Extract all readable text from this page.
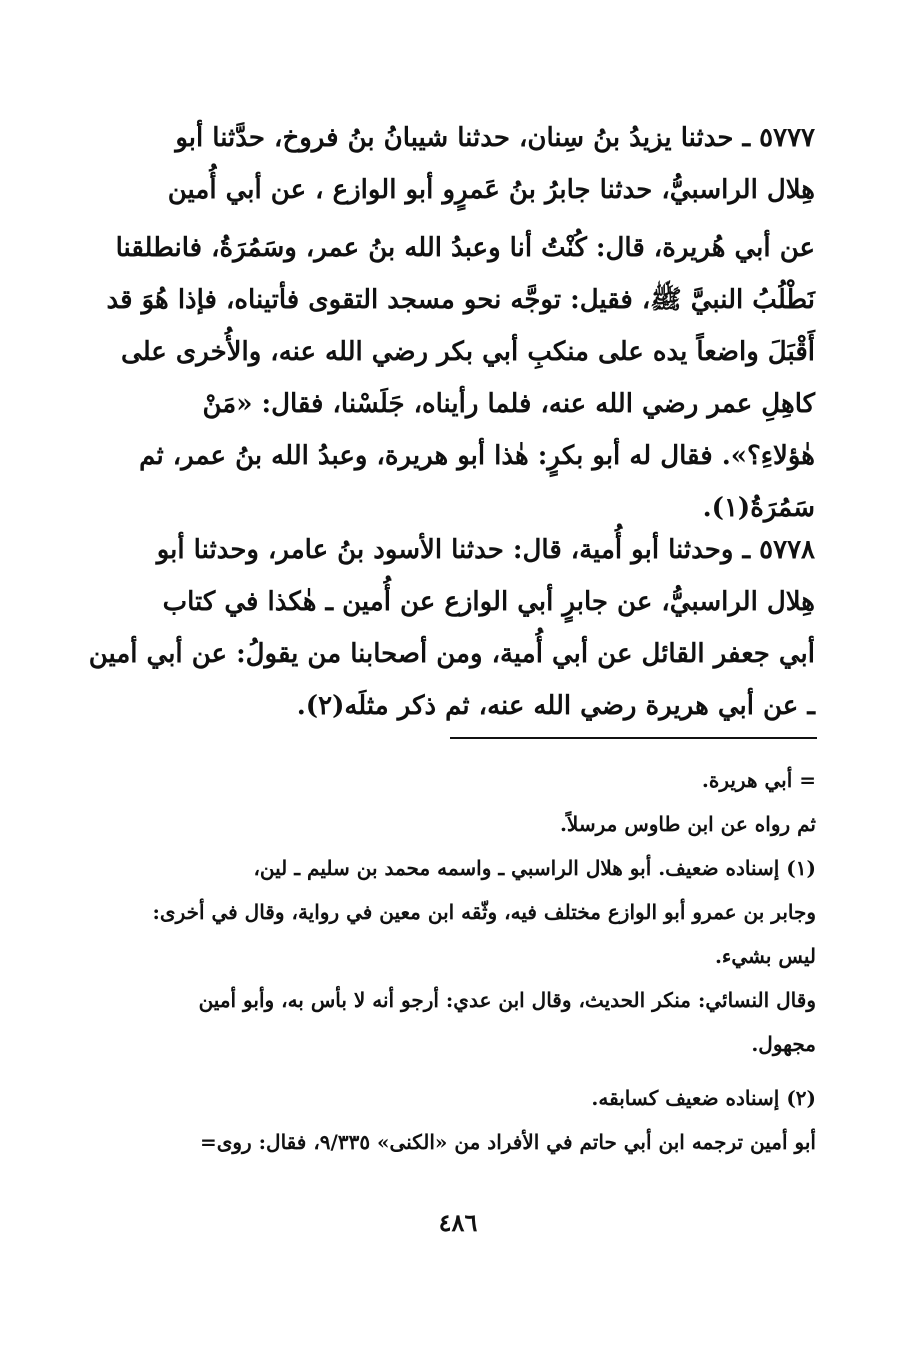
٥٧٧٧ ـ حدثنا يزيدُ بنُ سِنان، حدثنا شيبانُ بنُ فروخ، حدَّثنا أبو
هِلال الراسبيُّ، حدثنا جابرُ بنُ عَمرٍو أبو الوازع ، عن أبي أُمين
عن أبي هُريرة، قال: كُنْتُ أنا وعبدُ الله بنُ عمر، وسَمُرَةُ، فانطلقنا
نَطْلُبُ النبيَّ ﷺ، فقيل: توجَّه نحو مسجد التقوى فأتيناه، فإذا هُوَ قد
أَقْبَلَ واضعاً يده على منكبِ أبي بكر رضي الله عنه، والأُخرى على
كاهِلِ عمر رضي الله عنه، فلما رأيناه، جَلَسْنا، فقال: «مَنْ
هٰؤلاءِ؟». فقال له أبو بكرٍ: هٰذا أبو هريرة، وعبدُ الله بنُ عمر، ثم
سَمُرَةُ(١).
٥٧٧٨ ـ وحدثنا أبو أُمية، قال: حدثنا الأسود بنُ عامر، وحدثنا أبو
هِلال الراسبيُّ، عن جابرٍ أبي الوازع عن أُمين ـ هٰكذا في كتاب
أبي جعفر القائل عن أبي أُمية، ومن أصحابنا من يقولُ: عن أبي أمين
ـ عن أبي هريرة رضي الله عنه، ثم ذكر مثلَه(٢).
= أبي هريرة.
ثم رواه عن ابن طاوس مرسلاً.
(١) إسناده ضعيف. أبو هلال الراسبي ـ واسمه محمد بن سليم ـ لين،
وجابر بن عمرو أبو الوازع مختلف فيه، وثّقه ابن معين في رواية، وقال في أخرى:
ليس بشيء.
وقال النسائي: منكر الحديث، وقال ابن عدي: أرجو أنه لا بأس به، وأبو أمين
مجهول.
(٢) إسناده ضعيف كسابقه.
أبو أمين ترجمه ابن أبي حاتم في الأفراد من «الكنى» ٩/٣٣٥، فقال: روى=
٤٨٦
